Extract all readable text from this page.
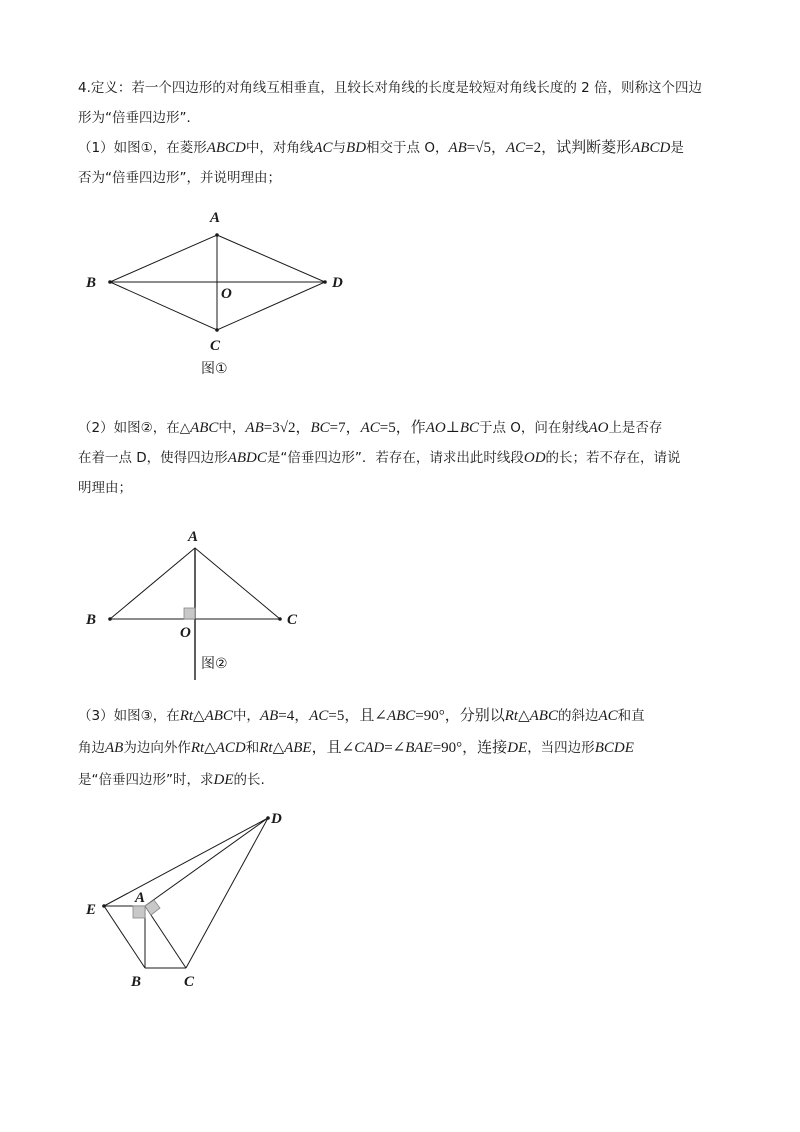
4.定义：若一个四边形的对角线互相垂直，且较长对角线的长度是较短对角线长度的 2 倍，则称这个四边
形为“倍垂四边形”．
（1）如图①，在菱形ABCD中，对角线AC与BD相交于点 O，AB=√5，AC=2，试判断菱形ABCD是
否为“倍垂四边形”，并说明理由；
（2）如图②，在△ABC中，AB=3√2，BC=7，AC=5，作AO⊥BC于点 O，问在射线AO上是否存
在着一点 D，使得四边形ABDC是“倍垂四边形”．若存在，请求出此时线段OD的长；若不存在，请说
明理由；
（3）如图③，在Rt△ABC中，AB=4，AC=5，且∠ABC=90°，分别以Rt△ABC的斜边AC和直
角边AB为边向外作Rt△ACD和Rt△ABE，且∠CAD=∠BAE=90°，连接DE，当四边形BCDE
是“倍垂四边形”时，求DE的长.
A
B
C
D
O
图①
A
B	C
O
图②
D
A
E
B	C
